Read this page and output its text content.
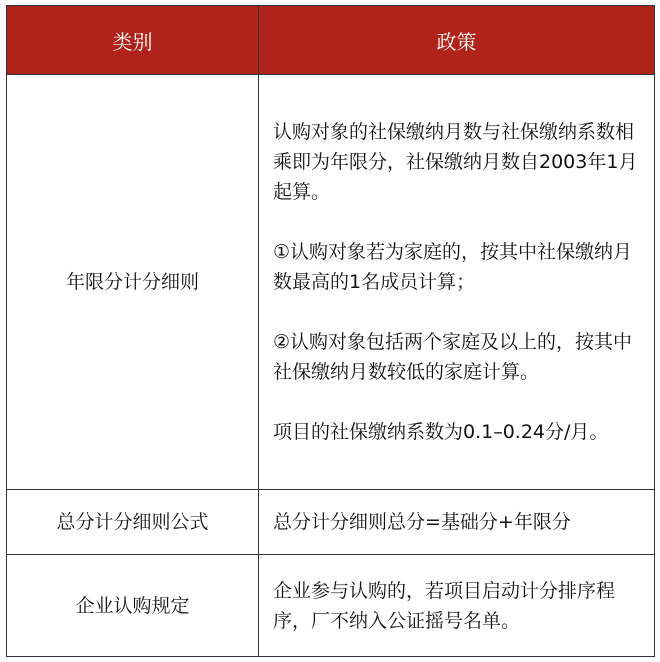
类别	政策
年限分计分细则	认购对象的社保缴纳月数与社保缴纳系数相乘即为年限分，社保缴纳月数自2003年1月起算。

①认购对象若为家庭的，按其中社保缴纳月数最高的1名成员计算；

②认购对象包括两个家庭及以上的，按其中社保缴纳月数较低的家庭计算。

项目的社保缴纳系数为0.1–0.24分/月。

总分计分细则公式	总分计分细则总分=基础分+年限分

企业认购规定	企业参与认购的，若项目启动计分排序程序，厂不纳入公证摇号名单。
